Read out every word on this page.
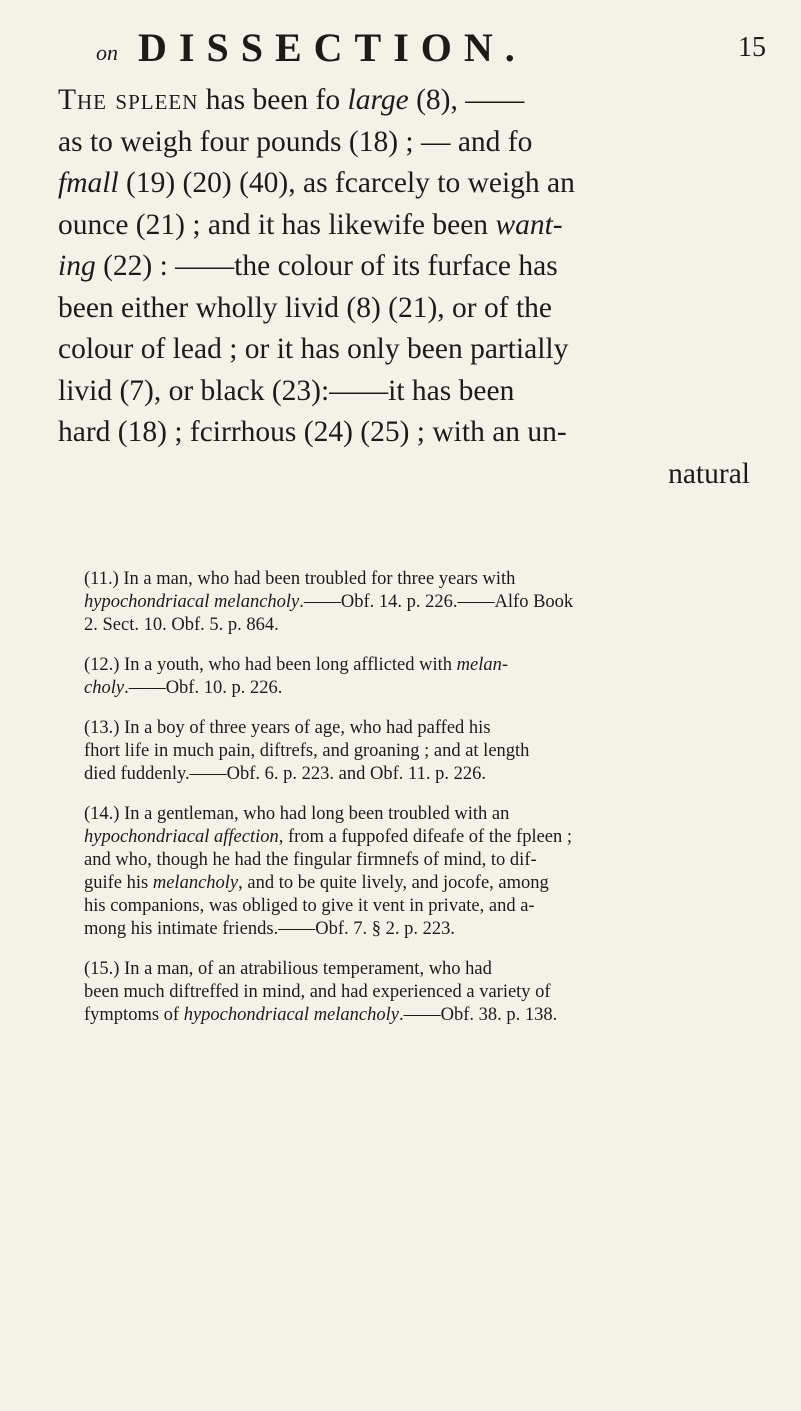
on DISSECTION.	15
The spleen has been fo large (8), ——
as to weigh four pounds (18) ; — and fo
fmall (19) (20) (40), as fcarcely to weigh an
ounce (21) ; and it has likewife been want-
ing (22) : ——the colour of its furface has
been either wholly livid (8) (21), or of the
colour of lead ; or it has only been partially
livid (7), or black (23):——it has been
hard (18) ; fcirrhous (24) (25) ; with an un-
natural
(11.) In a man, who had been troubled for three years with
hypochondriacal melancholy.——Obf. 14. p. 226.——Alfo Book
2. Sect. 10. Obf. 5. p. 864.
(12.) In a youth, who had been long afflicted with melan-
choly.——Obf. 10. p. 226.
(13.) In a boy of three years of age, who had paffed his
fhort life in much pain, diftrefs, and groaning ; and at length
died fuddenly.——Obf. 6. p. 223. and Obf. 11. p. 226.
(14.) In a gentleman, who had long been troubled with an
hypochondriacal affection, from a fuppofed difeafe of the fpleen ;
and who, though he had the fingular firmnefs of mind, to dif-
guife his melancholy, and to be quite lively, and jocofe, among
his companions, was obliged to give it vent in private, and a-
mong his intimate friends.——Obf. 7. § 2. p. 223.
(15.) In a man, of an atrabilious temperament, who had
been much diftreffed in mind, and had experienced a variety of
fymptoms of hypochondriacal melancholy.——Obf. 38. p. 138.
